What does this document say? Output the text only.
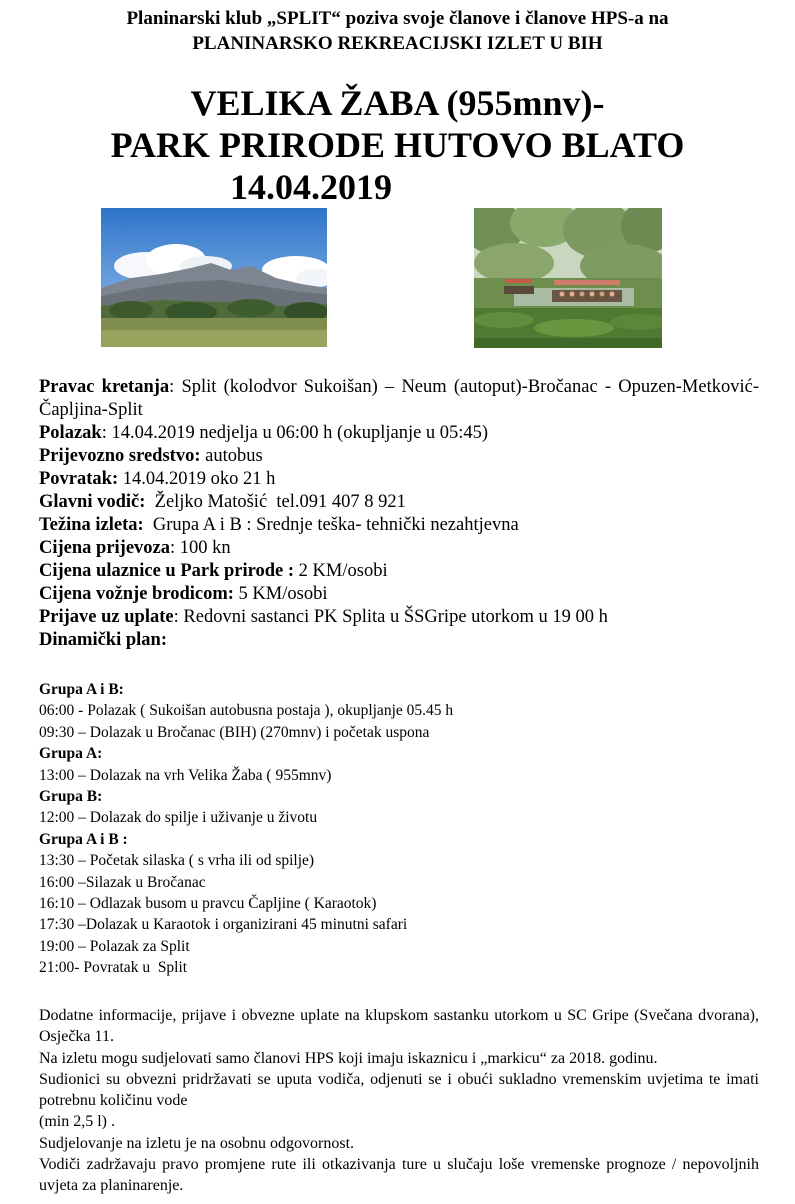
Planinarski klub „SPLIT“ poziva svoje članove i članove HPS-a na
PLANINARSKO REKREACIJSKI IZLET U BIH
VELIKA ŽABA (955mnv)-
PARK PRIRODE HUTOVO BLATO
14.04.2019
Pravac kretanja: Split (kolodvor Sukoišan) – Neum (autoput)-Bročanac - Opuzen-Metković-Čapljina-Split
Polazak: 14.04.2019 nedjelja u 06:00 h (okupljanje u 05:45)
Prijevozno sredstvo: autobus
Povratak: 14.04.2019 oko 21 h
Glavni vodič:  Željko Matošić  tel.091 407 8 921
Težina izleta:  Grupa A i B : Srednje teška- tehnički nezahtjevna
Cijena prijevoza: 100 kn
Cijena ulaznice u Park prirode : 2 KM/osobi
Cijena vožnje brodicom: 5 KM/osobi
Prijave uz uplate: Redovni sastanci PK Splita u ŠSGripe utorkom u 19 00 h
Dinamički plan:
Grupa A i B:
06:00 - Polazak ( Sukoišan autobusna postaja ), okupljanje 05.45 h
09:30 – Dolazak u Bročanac (BIH) (270mnv) i početak uspona
Grupa A:
13:00 – Dolazak na vrh Velika Žaba ( 955mnv)
Grupa B:
12:00 – Dolazak do spilje i uživanje u životu
Grupa A i B :
13:30 – Početak silaska ( s vrha ili od spilje)
16:00 –Silazak u Bročanac
16:10 – Odlazak busom u pravcu Čapljine ( Karaotok)
17:30 –Dolazak u Karaotok i organizirani 45 minutni safari
19:00 – Polazak za Split
21:00- Povratak u  Split

Dodatne informacije, prijave i obvezne uplate na klupskom sastanku utorkom u SC Gripe (Svečana dvorana), Osječka 11.

Na izletu mogu sudjelovati samo članovi HPS koji imaju iskaznicu i „markicu“ za 2018. godinu.

Sudionici su obvezni pridržavati se uputa vodiča, odjenuti se i obući sukladno vremenskim uvjetima te imati potrebnu količinu vode

(min 2,5 l) .

Sudjelovanje na izletu je na osobnu odgovornost.

Vodiči zadržavaju pravo promjene rute ili otkazivanja ture u slučaju loše vremenske prognoze / nepovoljnih uvjeta za planinarenje.
